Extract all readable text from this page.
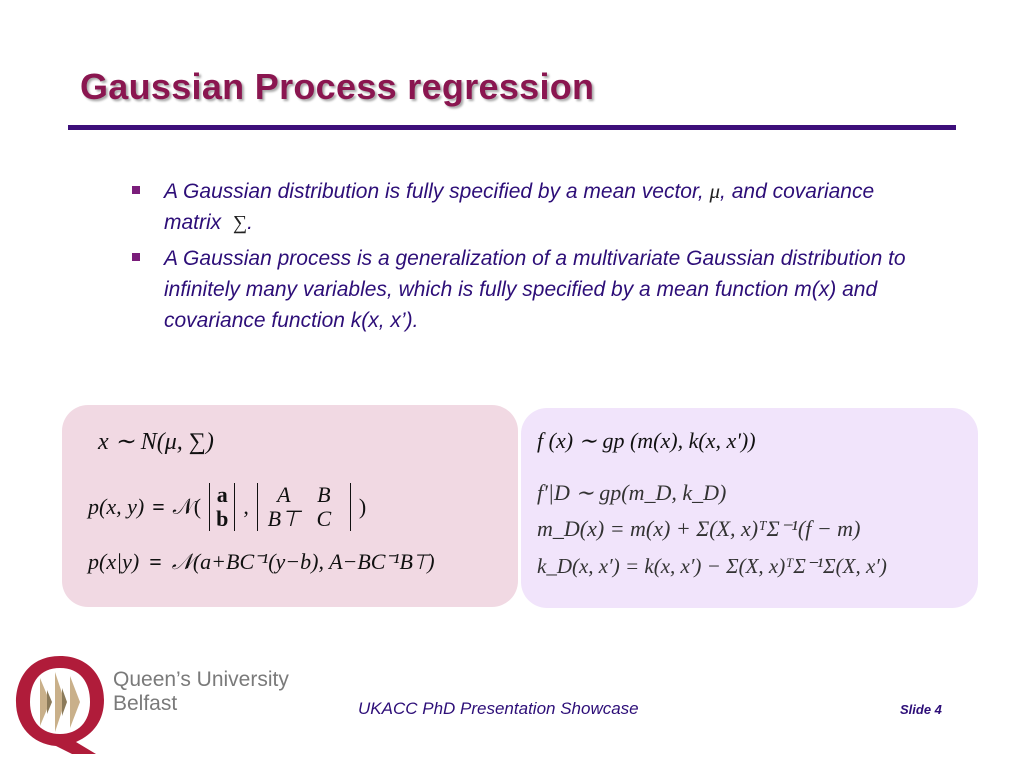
Gaussian Process regression
A Gaussian distribution is fully specified by a mean vector, μ, and covariance matrix ∑.
A Gaussian process is a generalization of a multivariate Gaussian distribution to infinitely many variables, which is fully specified by a mean function m(x) and covariance function k(x, x’).
x ∼ N(μ, ∑)
p(x, y) = 𝒩( a
b ,	A	B
B⊤ C	)
p(x|y) = 𝒩(a+BC⁻¹(y−b), A−BC⁻¹B⊤)
f (x) ∼ gp (m(x), k(x, x'))
f′|D ∼ gp(m_D, k_D)
m_D(x) = m(x) + Σ(X, x)ᵀΣ⁻¹(f − m)
k_D(x, x′) = k(x, x′) − Σ(X, x)ᵀΣ⁻¹Σ(X, x′)
Queen’s University
Belfast	UKACC PhD Presentation Showcase	Slide 4
